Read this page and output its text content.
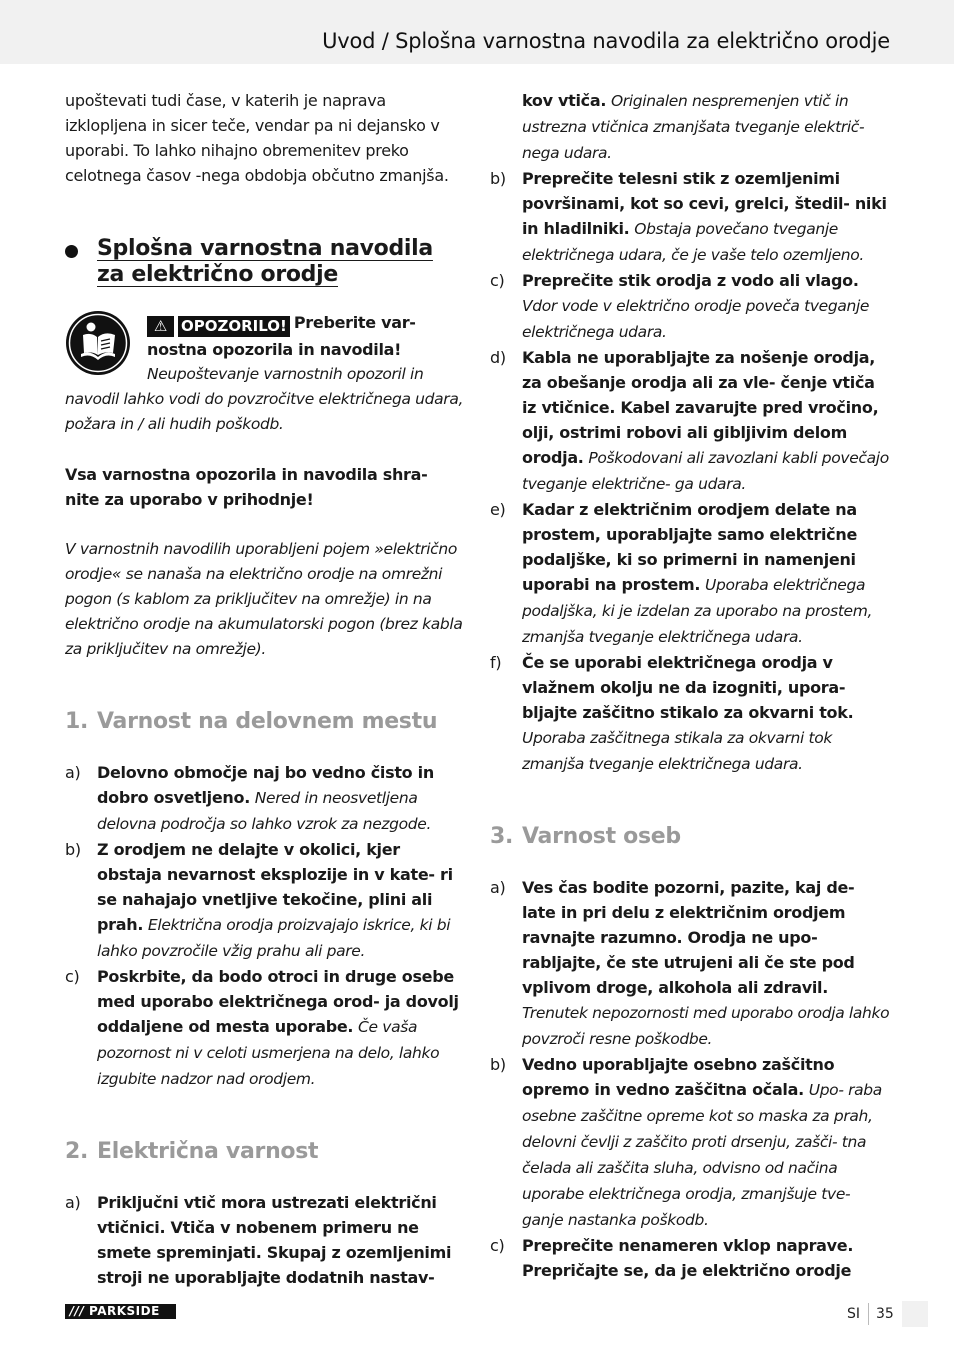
Uvod / Splošna varnostna navodila za električno orodje

upoštevati tudi čase, v katerih je naprava izklopljena in sicer teče, vendar pa ni dejansko v uporabi. To lahko nihajno obremenitev preko celotnega časov -nega obdobja občutno zmanjša.

Splošna varnostna navodila
za električno orodje
⚠ OPOZORILO! Preberite var-
nostna opozorila in navodila!
Neupoštevanje varnostnih opozoril in
navodil lahko vodi do povzročitve električnega udara, požara in / ali hudih poškodb.

Vsa varnostna opozorila in navodila shra- nite za uporabo v prihodnje!

V varnostnih navodilih uporabljeni pojem »električno orodje« se nanaša na električno orodje na omrežni pogon (s kablom za priključitev na omrežje) in na električno orodje na akumulatorski pogon (brez kabla za priključitev na omrežje).

1. Varnost na delovnem mestu
a) Delovno območje naj bo vedno čisto in dobro osvetljeno. Nered in neosvetljena delovna področja so lahko vzrok za nezgode.
b) Z orodjem ne delajte v okolici, kjer obstaja nevarnost eksplozije in v kate- ri se nahajajo vnetljive tekočine, plini ali prah. Električna orodja proizvajajo iskrice, ki bi lahko povzročile vžig prahu ali pare.
c) Poskrbite, da bodo otroci in druge osebe med uporabo električnega orod- ja dovolj oddaljene od mesta uporabe. Če vaša pozornost ni v celoti usmerjena na delo, lahko izgubite nadzor nad orodjem.
2. Električna varnost
a) Priključni vtič mora ustrezati električni vtičnici. Vtiča v nobenem primeru ne smete spreminjati. Skupaj z ozemljenimi stroji ne uporabljajte dodatnih nastav-
kov vtiča. Originalen nespremenjen vtič in ustrezna vtičnica zmanjšata tveganje električ- nega udara.
b) Preprečite telesni stik z ozemljenimi površinami, kot so cevi, grelci, štedil- niki in hladilniki. Obstaja povečano tveganje električnega udara, če je vaše telo ozemljeno.
c) Preprečite stik orodja z vodo ali vlago. Vdor vode v električno orodje poveča tveganje električnega udara.
d) Kabla ne uporabljajte za nošenje orodja, za obešanje orodja ali za vle- čenje vtiča iz vtičnice. Kabel zavarujte pred vročino, olji, ostrimi robovi ali gibljivim delom orodja. Poškodovani ali zavozlani kabli povečajo tveganje električne- ga udara.
e) Kadar z električnim orodjem delate na prostem, uporabljajte samo električne podaljške, ki so primerni in namenjeni uporabi na prostem. Uporaba električnega podaljška, ki je izdelan za uporabo na prostem, zmanjša tveganje električnega udara.
f) Če se uporabi električnega orodja v vlažnem okolju ne da izogniti, upora- bljajte zaščitno stikalo za okvarni tok. Uporaba zaščitnega stikala za okvarni tok zmanjša tveganje električnega udara.
3. Varnost oseb
a) Ves čas bodite pozorni, pazite, kaj de- late in pri delu z električnim orodjem ravnajte razumno. Orodja ne upo- rabljajte, če ste utrujeni ali če ste pod vplivom droge, alkohola ali zdravil. Trenutek nepozornosti med uporabo orodja lahko povzroči resne poškodbe.
b) Vedno uporabljajte osebno zaščitno opremo in vedno zaščitna očala. Upo- raba osebne zaščitne opreme kot so maska za prah, delovni čevlji z zaščito proti drsenju, zašči- tna čelada ali zaščita sluha, odvisno od načina uporabe električnega orodja, zmanjšuje tve- ganje nastanka poškodb.
c) Preprečite nenameren vklop naprave. Prepričajte se, da je električno orodje
/// PARKSIDE	SI 35
